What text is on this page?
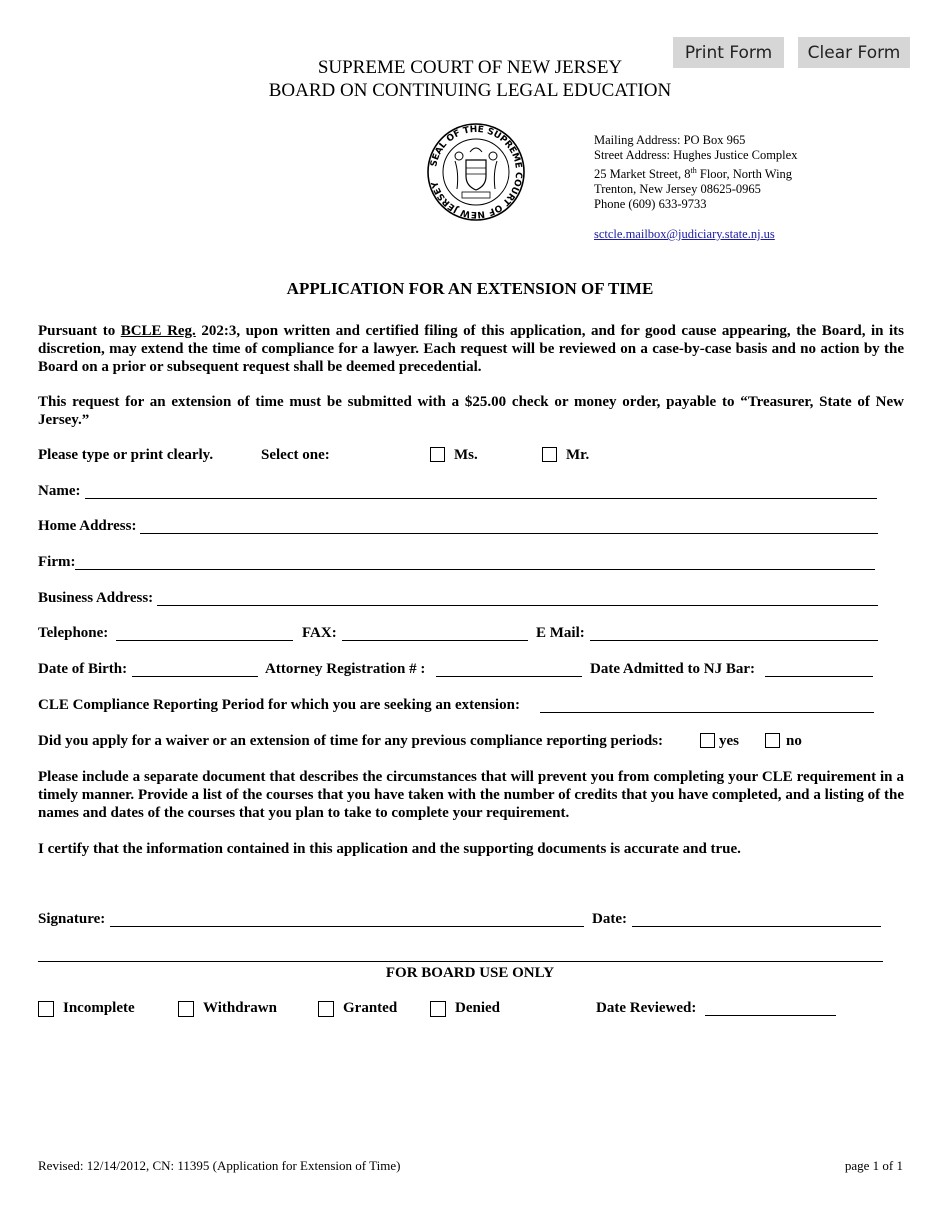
Print Form	Clear Form
SUPREME COURT OF NEW JERSEY
BOARD ON CONTINUING LEGAL EDUCATION
SEAL OF THE SUPREME COURT OF NEW JERSEY
Mailing Address: PO Box 965
Street Address: Hughes Justice Complex
25 Market Street, 8th Floor, North Wing
Trenton, New Jersey 08625-0965
Phone (609) 633-9733
sctcle.mailbox@judiciary.state.nj.us
APPLICATION FOR AN EXTENSION OF TIME
Pursuant to BCLE Reg. 202:3, upon written and certified filing of this application, and for good cause appearing, the Board, in its discretion, may extend the time of compliance for a lawyer. Each request will be reviewed on a case-by-case basis and no action by the Board on a prior or subsequent request shall be deemed precedential.
This request for an extension of time must be submitted with a $25.00 check or money order, payable to “Treasurer, State of New Jersey.”
Please type or print clearly.	Select one:	Ms.	Mr.
Name:
Home Address:
Firm:
Business Address:
Telephone:	FAX:	E Mail:
Date of Birth:	Attorney Registration # :	Date Admitted to NJ Bar:
CLE Compliance Reporting Period for which you are seeking an extension:
Did you apply for a waiver or an extension of time for any previous compliance reporting periods:	yes	no
Please include a separate document that describes the circumstances that will prevent you from completing your CLE requirement in a timely manner. Provide a list of the courses that you have taken with the number of credits that you have completed, and a listing of the names and dates of the courses that you plan to take to complete your requirement.
I certify that the information contained in this application and the supporting documents is accurate and true.
Signature:	Date:
FOR BOARD USE ONLY
Incomplete	Withdrawn	Granted	Denied	Date Reviewed:
Revised: 12/14/2012, CN: 11395 (Application for Extension of Time)	page 1 of 1
